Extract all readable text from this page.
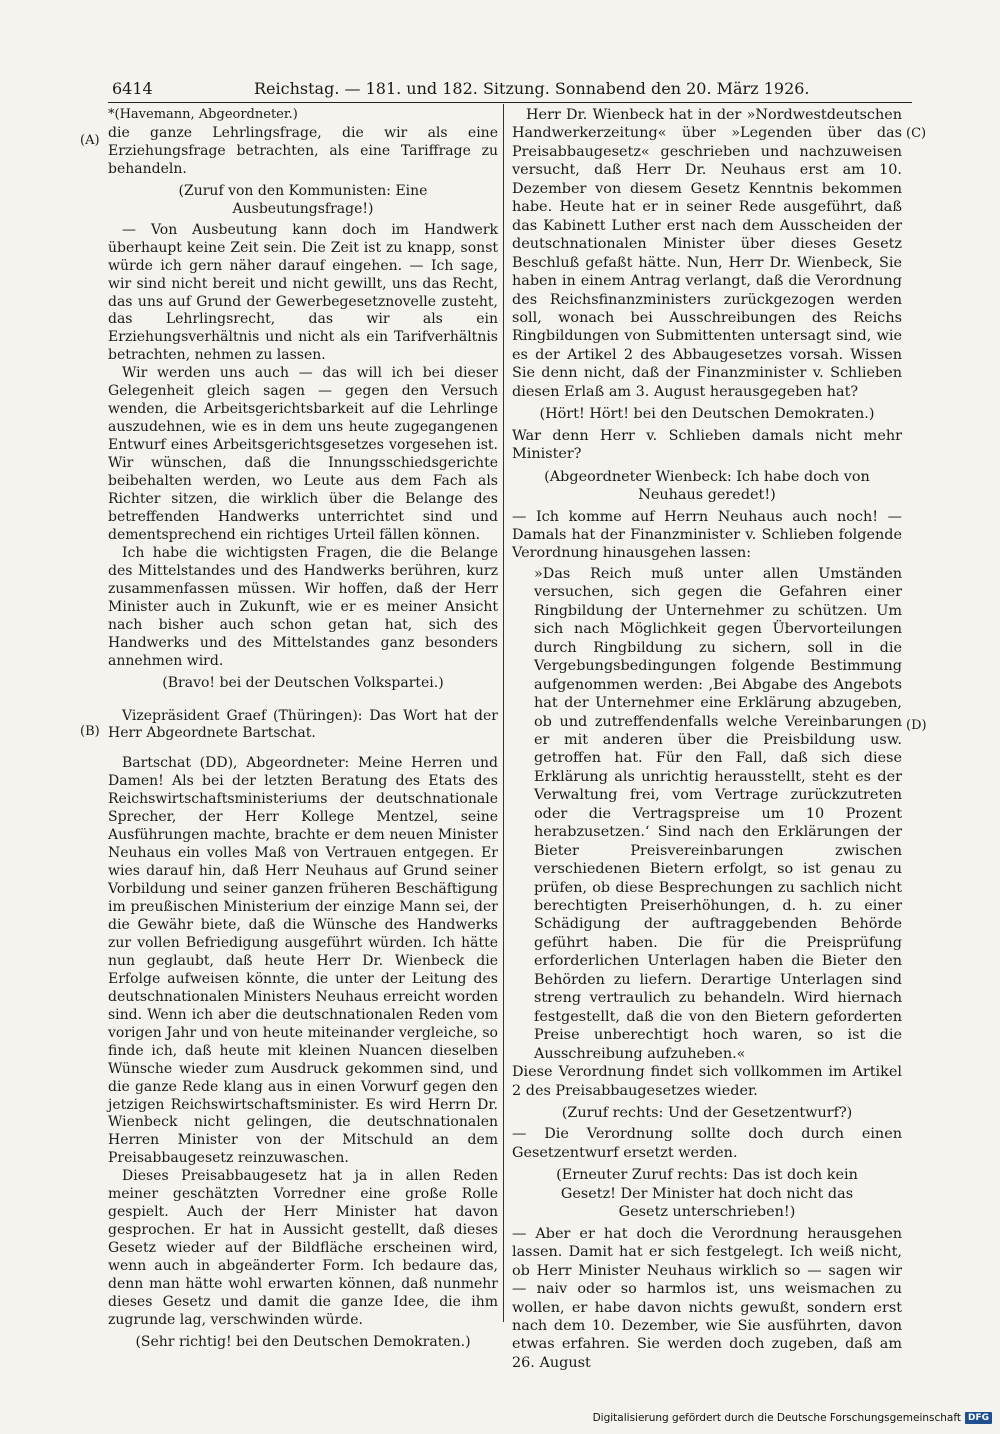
6414	Reichstag. — 181. und 182. Sitzung. Sonnabend den 20. März 1926.
(A)
(B)
(C)
(D)

*(Havemann, Abgeordneter.)

die ganze Lehrlingsfrage, die wir als eine Erziehungsfrage betrachten, als eine Tariffrage zu behandeln.

(Zuruf von den Kommunisten: Eine Ausbeutungsfrage!)

— Von Ausbeutung kann doch im Handwerk überhaupt keine Zeit sein. Die Zeit ist zu knapp, sonst würde ich gern näher darauf eingehen. — Ich sage, wir sind nicht bereit und nicht gewillt, uns das Recht, das uns auf Grund der Gewerbegesetznovelle zusteht, das Lehrlingsrecht, das wir als ein Erziehungsverhältnis und nicht als ein Tarifverhältnis betrachten, nehmen zu lassen.

Wir werden uns auch — das will ich bei dieser Gelegenheit gleich sagen — gegen den Versuch wenden, die Arbeitsgerichtsbarkeit auf die Lehrlinge auszudehnen, wie es in dem uns heute zugegangenen Entwurf eines Arbeitsgerichtsgesetzes vorgesehen ist. Wir wünschen, daß die Innungsschiedsgerichte beibehalten werden, wo Leute aus dem Fach als Richter sitzen, die wirklich über die Belange des betreffenden Handwerks unterrichtet sind und dementsprechend ein richtiges Urteil fällen können.

Ich habe die wichtigsten Fragen, die die Belange des Mittelstandes und des Handwerks berühren, kurz zusammenfassen müssen. Wir hoffen, daß der Herr Minister auch in Zukunft, wie er es meiner Ansicht nach bisher auch schon getan hat, sich des Handwerks und des Mittelstandes ganz besonders annehmen wird.

(Bravo! bei der Deutschen Volkspartei.)

Vizepräsident Graef (Thüringen): Das Wort hat der Herr Abgeordnete Bartschat.

Bartschat (DD), Abgeordneter: Meine Herren und Damen! Als bei der letzten Beratung des Etats des Reichswirtschaftsministeriums der deutschnationale Sprecher, der Herr Kollege Mentzel, seine Ausführungen machte, brachte er dem neuen Minister Neuhaus ein volles Maß von Vertrauen entgegen. Er wies darauf hin, daß Herr Neuhaus auf Grund seiner Vorbildung und seiner ganzen früheren Beschäftigung im preußischen Ministerium der einzige Mann sei, der die Gewähr biete, daß die Wünsche des Handwerks zur vollen Befriedigung ausgeführt würden. Ich hätte nun geglaubt, daß heute Herr Dr. Wienbeck die Erfolge aufweisen könnte, die unter der Leitung des deutschnationalen Ministers Neuhaus erreicht worden sind. Wenn ich aber die deutschnationalen Reden vom vorigen Jahr und von heute miteinander vergleiche, so finde ich, daß heute mit kleinen Nuancen dieselben Wünsche wieder zum Ausdruck gekommen sind, und die ganze Rede klang aus in einen Vorwurf gegen den jetzigen Reichswirtschaftsminister. Es wird Herrn Dr. Wienbeck nicht gelingen, die deutschnationalen Herren Minister von der Mitschuld an dem Preisabbaugesetz reinzuwaschen.

Dieses Preisabbaugesetz hat ja in allen Reden meiner geschätzten Vorredner eine große Rolle gespielt. Auch der Herr Minister hat davon gesprochen. Er hat in Aussicht gestellt, daß dieses Gesetz wieder auf der Bildfläche erscheinen wird, wenn auch in abgeänderter Form. Ich bedaure das, denn man hätte wohl erwarten können, daß nunmehr dieses Gesetz und damit die ganze Idee, die ihm zugrunde lag, verschwinden würde.

(Sehr richtig! bei den Deutschen Demokraten.)

Herr Dr. Wienbeck hat in der »Nordwestdeutschen Handwerkerzeitung« über »Legenden über das Preisabbaugesetz« geschrieben und nachzuweisen versucht, daß Herr Dr. Neuhaus erst am 10. Dezember von diesem Gesetz Kenntnis bekommen habe. Heute hat er in seiner Rede ausgeführt, daß das Kabinett Luther erst nach dem Ausscheiden der deutschnationalen Minister über dieses Gesetz Beschluß gefaßt hätte. Nun, Herr Dr. Wienbeck, Sie haben in einem Antrag verlangt, daß die Verordnung des Reichsfinanzministers zurückgezogen werden soll, wonach bei Ausschreibungen des Reichs Ringbildungen von Submittenten untersagt sind, wie es der Artikel 2 des Abbaugesetzes vorsah. Wissen Sie denn nicht, daß der Finanzminister v. Schlieben diesen Erlaß am 3. August herausgegeben hat?

(Hört! Hört! bei den Deutschen Demokraten.)

War denn Herr v. Schlieben damals nicht mehr Minister?

(Abgeordneter Wienbeck: Ich habe doch von Neuhaus geredet!)

— Ich komme auf Herrn Neuhaus auch noch! — Damals hat der Finanzminister v. Schlieben folgende Verordnung hinausgehen lassen:

»Das Reich muß unter allen Umständen versuchen, sich gegen die Gefahren einer Ringbildung der Unternehmer zu schützen. Um sich nach Möglichkeit gegen Übervorteilungen durch Ringbildung zu sichern, soll in die Vergebungsbedingungen folgende Bestimmung aufgenommen werden: ‚Bei Abgabe des Angebots hat der Unternehmer eine Erklärung abzugeben, ob und zutreffendenfalls welche Vereinbarungen er mit anderen über die Preisbildung usw. getroffen hat. Für den Fall, daß sich diese Erklärung als unrichtig herausstellt, steht es der Verwaltung frei, vom Vertrage zurückzutreten oder die Vertragspreise um 10 Prozent herabzusetzen.‘ Sind nach den Erklärungen der Bieter Preisvereinbarungen zwischen verschiedenen Bietern erfolgt, so ist genau zu prüfen, ob diese Besprechungen zu sachlich nicht berechtigten Preiserhöhungen, d. h. zu einer Schädigung der auftraggebenden Behörde geführt haben. Die für die Preisprüfung erforderlichen Unterlagen haben die Bieter den Behörden zu liefern. Derartige Unterlagen sind streng vertraulich zu behandeln. Wird hiernach festgestellt, daß die von den Bietern geforderten Preise unberechtigt hoch waren, so ist die Ausschreibung aufzuheben.«

Diese Verordnung findet sich vollkommen im Artikel 2 des Preisabbaugesetzes wieder.

(Zuruf rechts: Und der Gesetzentwurf?)

— Die Verordnung sollte doch durch einen Gesetzentwurf ersetzt werden.

(Erneuter Zuruf rechts: Das ist doch kein Gesetz! Der Minister hat doch nicht das Gesetz unterschrieben!)

— Aber er hat doch die Verordnung herausgehen lassen. Damit hat er sich festgelegt. Ich weiß nicht, ob Herr Minister Neuhaus wirklich so — sagen wir — naiv oder so harmlos ist, uns weismachen zu wollen, er habe davon nichts gewußt, sondern erst nach dem 10. Dezember, wie Sie ausführten, davon etwas erfahren. Sie werden doch zugeben, daß am 26. August

Digitalisierung gefördert durch die Deutsche Forschungsgemeinschaft DFG
